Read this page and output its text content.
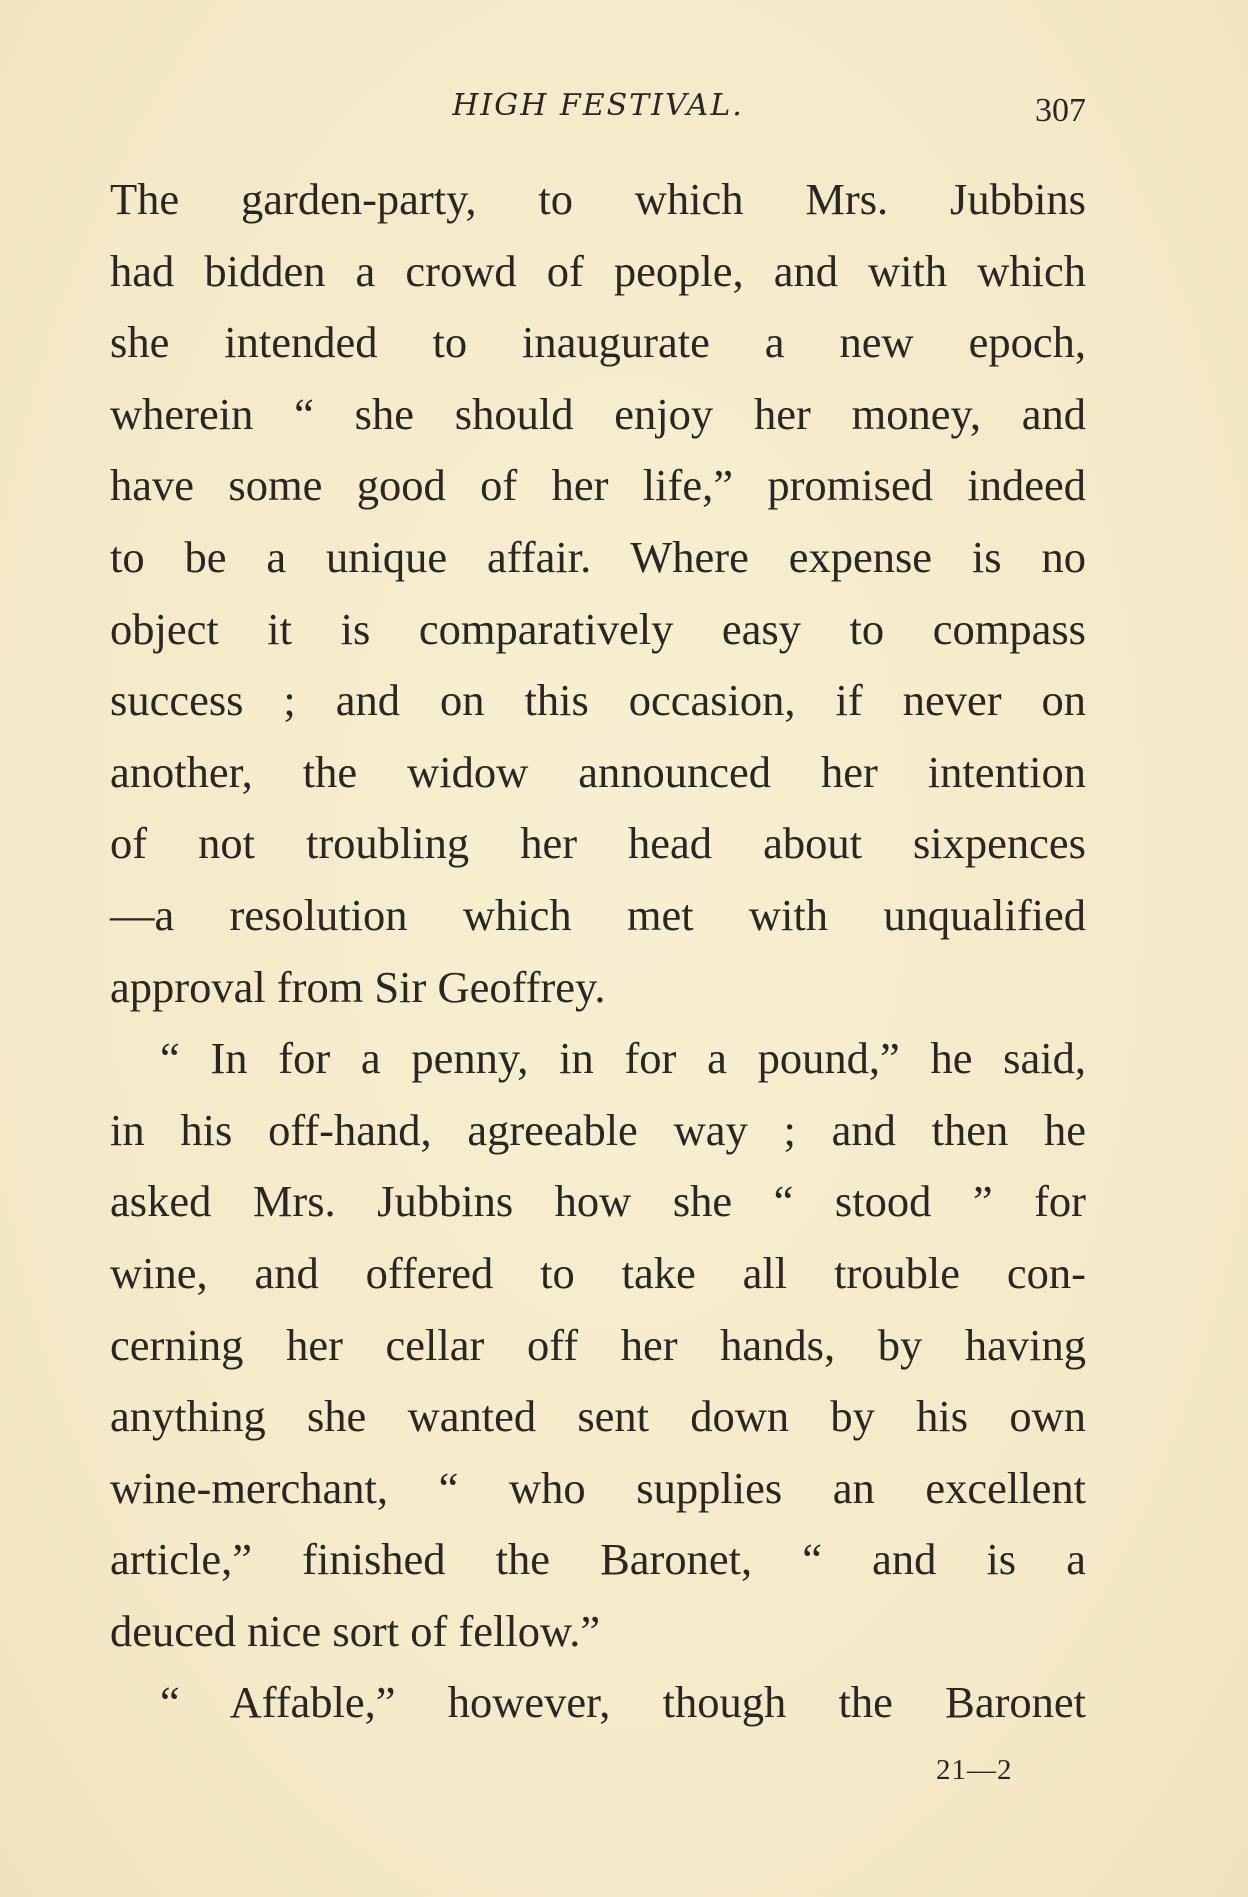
HIGH FESTIVAL.	307
The garden-party, to which Mrs. Jubbins
had bidden a crowd of people, and with which
she intended to inaugurate a new epoch,
wherein “ she should enjoy her money, and
have some good of her life,” promised indeed
to be a unique affair. Where expense is no
object it is comparatively easy to compass
success ; and on this occasion, if never on
another, the widow announced her intention
of not troubling her head about sixpences
—a resolution which met with unqualified
approval from Sir Geoffrey.
“ In for a penny, in for a pound,” he said,
in his off-hand, agreeable way ; and then he
asked Mrs. Jubbins how she “ stood ” for
wine, and offered to take all trouble con-
cerning her cellar off her hands, by having
anything she wanted sent down by his own
wine-merchant, “ who supplies an excellent
article,” finished the Baronet, “ and is a
deuced nice sort of fellow.”
“ Affable,” however, though the Baronet
21—2
